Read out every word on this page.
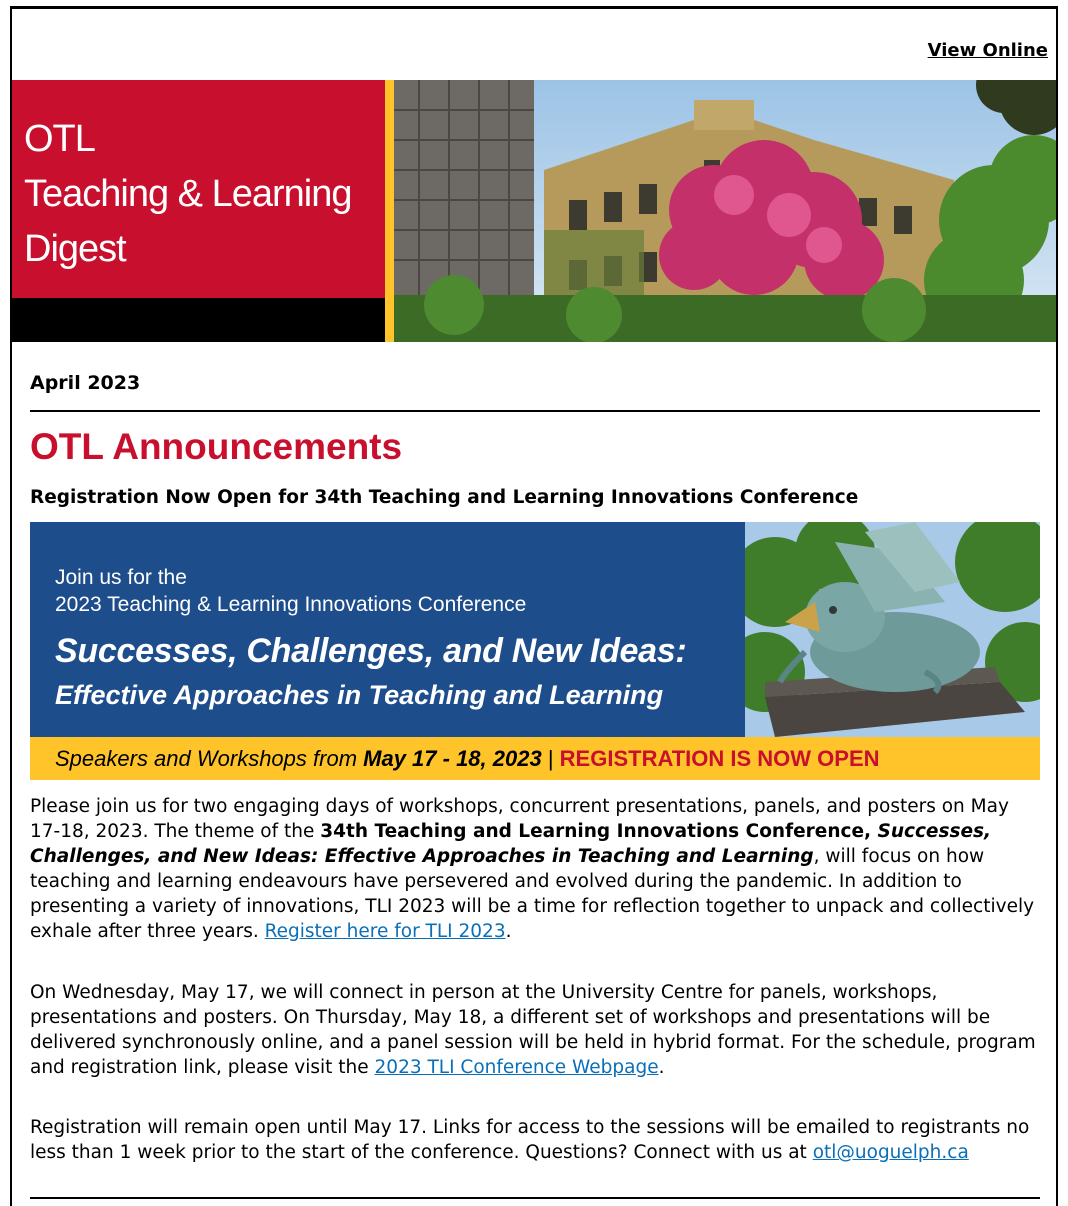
View Online
OTL
Teaching & Learning
Digest
April 2023
OTL Announcements
Registration Now Open for 34th Teaching and Learning Innovations Conference
Join us for the
2023 Teaching & Learning Innovations Conference
Successes, Challenges, and New Ideas:
Effective Approaches in Teaching and Learning
Speakers and Workshops from May 17 - 18, 2023 | REGISTRATION IS NOW OPEN
Please join us for two engaging days of workshops, concurrent presentations, panels, and posters on May 17-18, 2023. The theme of the 34th Teaching and Learning Innovations Conference, Successes, Challenges, and New Ideas: Effective Approaches in Teaching and Learning, will focus on how teaching and learning endeavours have persevered and evolved during the pandemic. In addition to presenting a variety of innovations, TLI 2023 will be a time for reflection together to unpack and collectively exhale after three years. Register here for TLI 2023.
On Wednesday, May 17, we will connect in person at the University Centre for panels, workshops, presentations and posters. On Thursday, May 18, a different set of workshops and presentations will be delivered synchronously online, and a panel session will be held in hybrid format. For the schedule, program and registration link, please visit the 2023 TLI Conference Webpage.
Registration will remain open until May 17. Links for access to the sessions will be emailed to registrants no less than 1 week prior to the start of the conference. Questions? Connect with us at otl@uoguelph.ca
